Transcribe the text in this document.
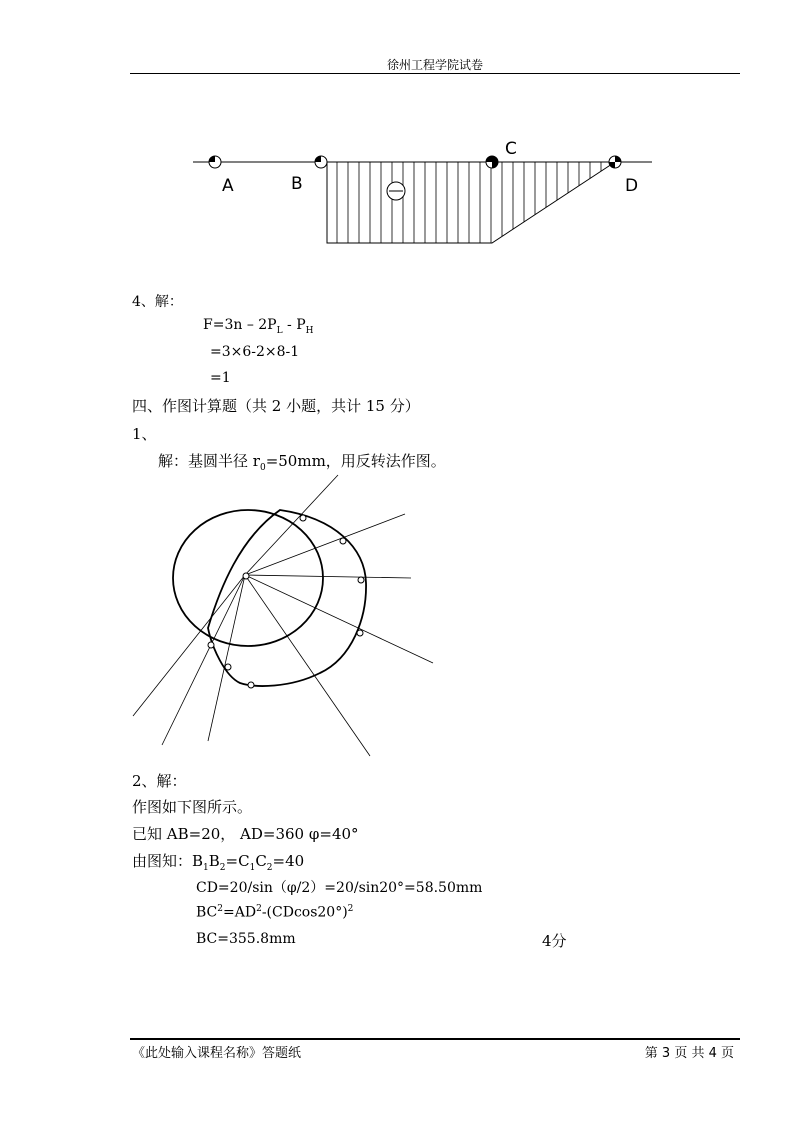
徐州工程学院试卷
A	B
C
D
4、解：
$F=3n - 2P_L - P_H$
=3×6-2×8-1
=1
四、作图计算题（共 2 小题，共计 15 分）
1、
解：基圆半径 $r_0=50mm$，用反转法作图。
2、解：
作图如下图所示。
已知 AB=20， AD=360 φ=40°
由图知：$B_1B_2=C_1C_2=40$
CD=20/sin（φ/2）=20/sin20°=58.50mm
$BC^2=AD^2-(CDcos20^\circ)^2$
BC=355.8mm	4分
《此处输入课程名称》答题纸	第 3 页 共 4 页
